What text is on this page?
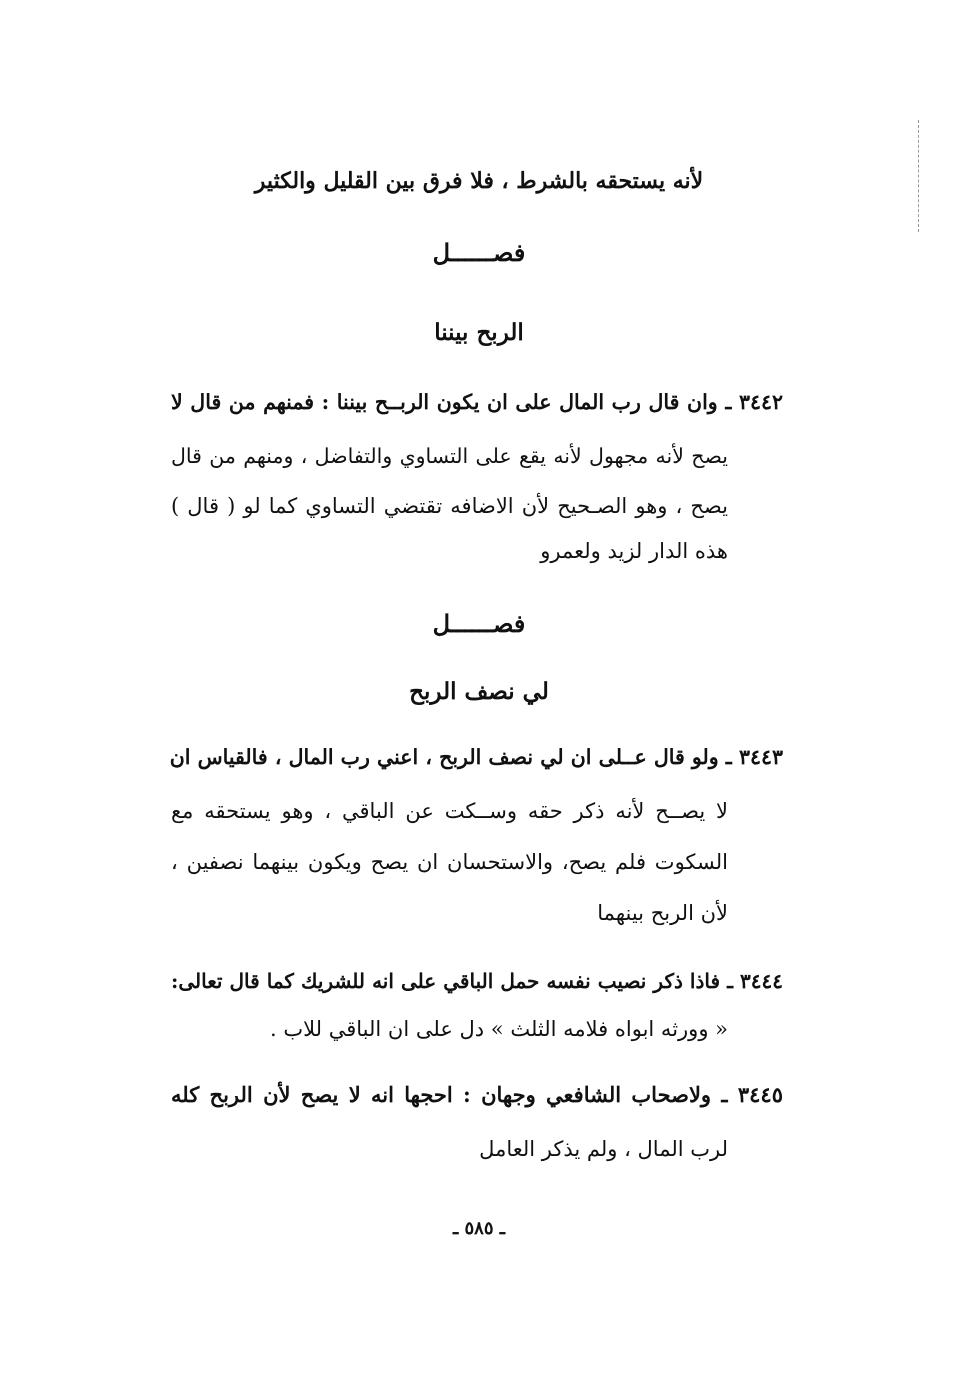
لأنه يستحقه بالشرط ، فلا فرق بين القليل والكثير
فصــــــل
الربح بيننا
٣٤٤٢ ـ وان قال رب المال على ان يكون الربــح بيننا : فمنهم من قال لا
يصح لأنه مجهول لأنه يقع على التساوي والتفاضل ، ومنهم من قال
يصح ، وهو الصـحيح لأن الاضافه تقتضي التساوي كما لو ( قال )
هذه الدار لزيد ولعمرو
فصــــــل
لي نصف الربح
٣٤٤٣ ـ ولو قال عــلى ان لي نصف الربح ، اعني رب المال ، فالقياس ان
لا يصــح لأنه ذكر حقه وســكت عن الباقي ، وهو يستحقه مع
السكوت فلم يصح، والاستحسان ان يصح ويكون بينهما نصفين ،
لأن الربح بينهما
٣٤٤٤ ـ فاذا ذكر نصيب نفسه حمل الباقي على انه للشريك كما قال تعالى:
« وورثه ابواه فلامه الثلث » دل على ان الباقي للاب .
٣٤٤٥ ـ ولاصحاب الشافعي وجهان : احجها انه لا يصح لأن الربح كله
لرب المال ، ولم يذكر العامل
ـ ٥٨٥ ـ
